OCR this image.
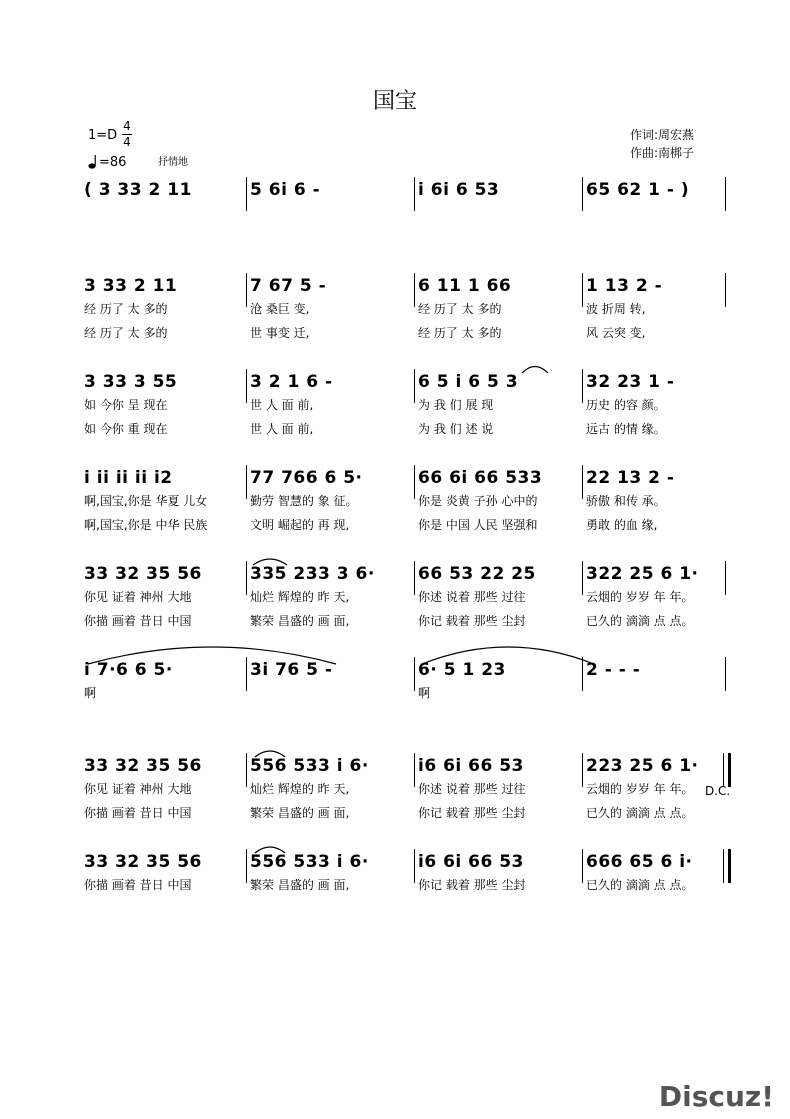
国宝
1=D
4
4
=86	抒情地
作词:周宏燕
作曲:南梆子
( 3 33 2 11	5 6i 6 -	i 6i 6 53	65 62 1 - )
3 33 2 11	7 67 5 -	6 11 1 66	1 13 2 -
经 历了 太 多的	沧 桑巨 变,	经 历了 太 多的	波 折周 转,
经 历了 太 多的	世 事变 迁,	经 历了 太 多的	风 云突 变,
3 33 3 55	3 2 1 6 -	6 5 i 6 5 3	32 23 1 -
如 今你 呈 现在	世 人 面 前,	为 我 们 展 现	历史 的容 颜。
如 今你 重 现在	世 人 面 前,	为 我 们 述 说	远古 的情 缘。
i ii ii ii i2	77 766 6 5·	66 6i 66 533	22 13 2 -
啊,国宝,你是 华夏 儿女	勤劳 智慧的 象 征。	你是 炎黄 子孙 心中的	骄傲 和传 承。
啊,国宝,你是 中华 民族	文明 崛起的 再 现,	你是 中国 人民 坚强和	勇敢 的血 缘,
33 32 35 56	335 233 3 6·	66 53 22 25	322 25 6 1·
你见 证着 神州 大地	灿烂 辉煌的 昨 天,	你述 说着 那些 过往	云烟的 岁岁 年 年。
你描 画着 昔日 中国	繁荣 昌盛的 画 面,	你记 载着 那些 尘封	已久的 滴滴 点 点。
i 7·6 6 5·	3i 76 5 -	6· 5 1 23	2 - - -
啊	啊
33 32 35 56	556 533 i 6·	i6 6i 66 53	223 25 6 1·
D.C.
你见 证着 神州 大地	灿烂 辉煌的 昨 天,	你述 说着 那些 过往	云烟的 岁岁 年 年。
你描 画着 昔日 中国	繁荣 昌盛的 画 面,	你记 载着 那些 尘封	已久的 滴滴 点 点。
33 32 35 56	556 533 i 6·	i6 6i 66 53	666 65 6 i·
你描 画着 昔日 中国	繁荣 昌盛的 画 面,	你记 载着 那些 尘封	已久的 滴滴 点 点。
Discuz!
